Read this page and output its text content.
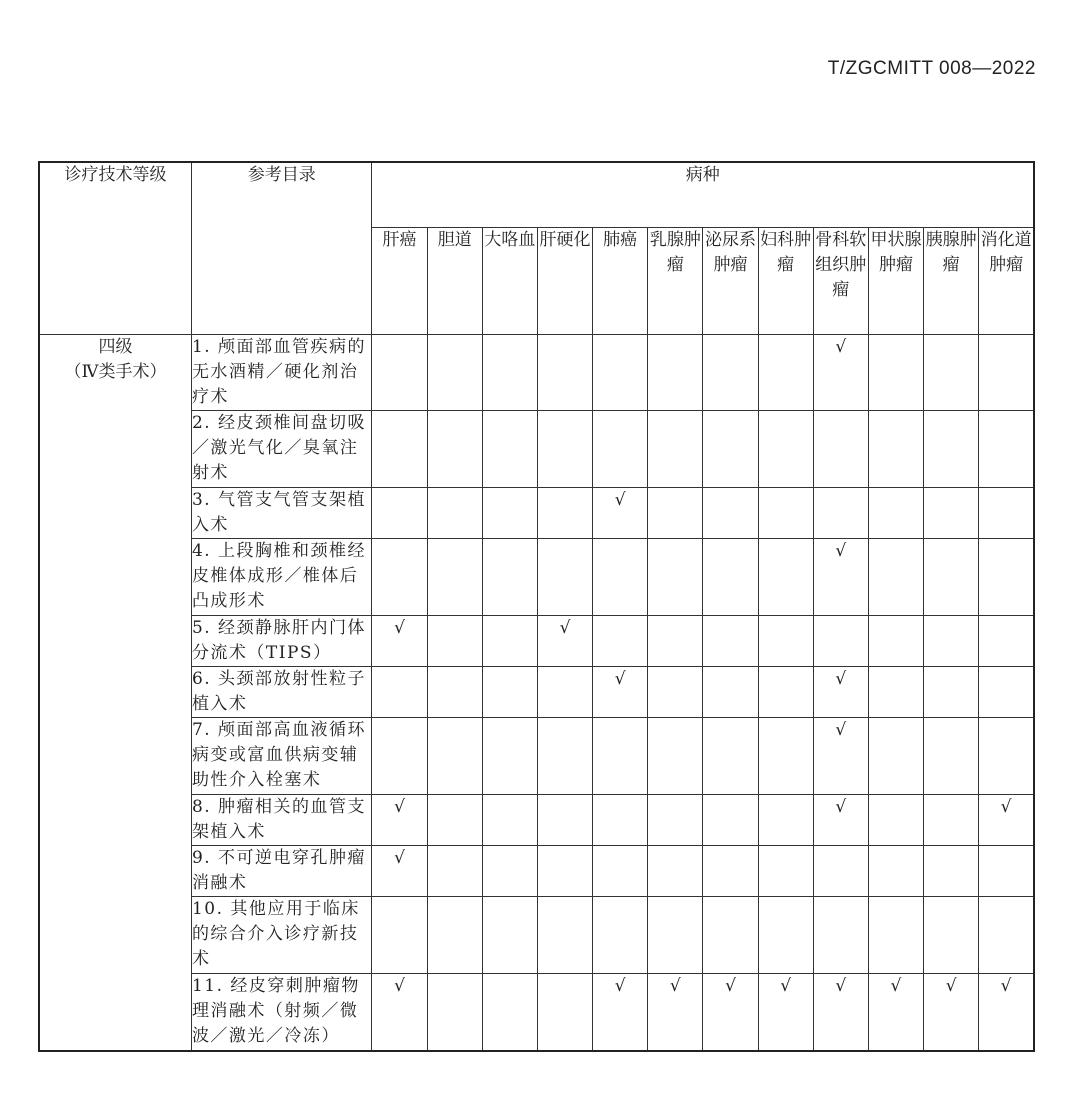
T/ZGCMITT 008—2022
诊疗技术等级	参考目录	病种											

		肝癌	胆道	大咯血	肝硬化	肺癌	乳腺肿瘤	泌尿系肿瘤	妇科肿瘤	骨科软组织肿瘤	甲状腺肿瘤	胰腺肿瘤	消化道肿瘤

四级
（Ⅳ类手术）	1. 颅面部血管疾病的无水酒精／硬化剂治疗术									√			
	2. 经皮颈椎间盘切吸／激光气化／臭氧注射术												
	3. 气管支气管支架植入术					√							
	4. 上段胸椎和颈椎经皮椎体成形／椎体后凸成形术									√			
	5. 经颈静脉肝内门体分流术（TIPS）	√			√								
	6. 头颈部放射性粒子植入术					√				√			
	7. 颅面部高血液循环病变或富血供病变辅助性介入栓塞术									√			
	8. 肿瘤相关的血管支架植入术	√								√			√
	9. 不可逆电穿孔肿瘤消融术	√											
	10. 其他应用于临床的综合介入诊疗新技术												
	11. 经皮穿刺肿瘤物理消融术（射频／微波／激光／冷冻）	√				√	√	√	√	√	√	√	√
